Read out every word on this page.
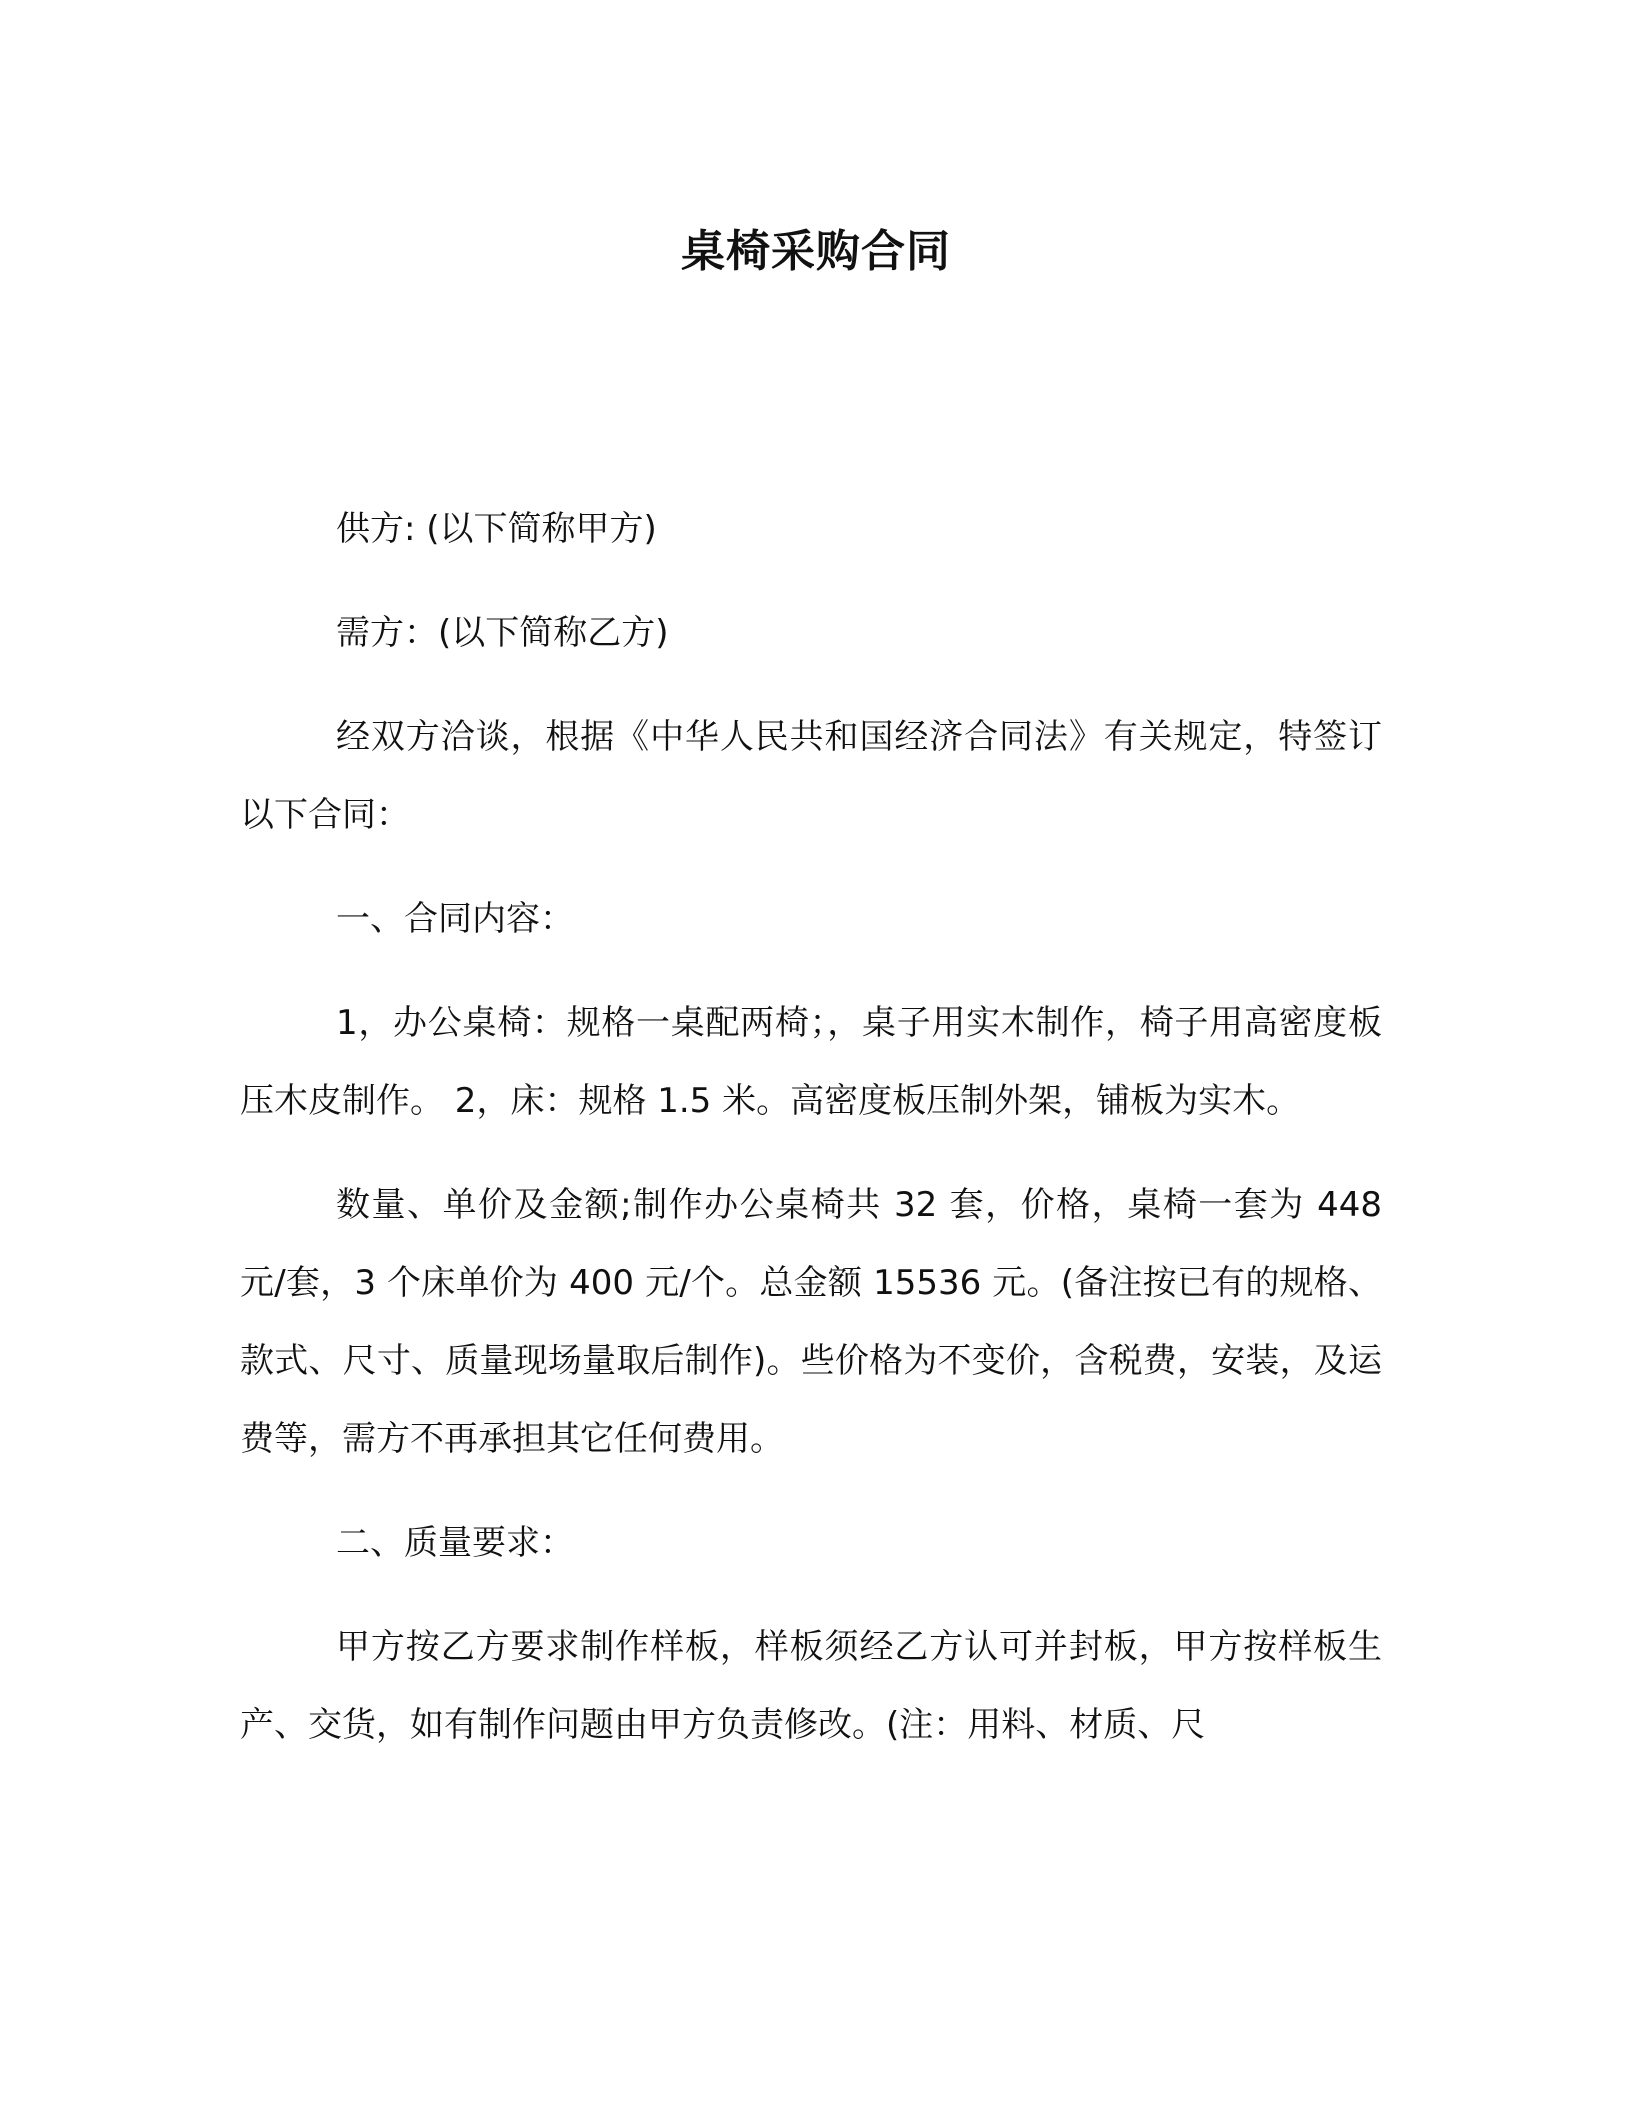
桌椅采购合同

供方: (以下简称甲方)

需方：(以下简称乙方)

经双方洽谈，根据《中华人民共和国经济合同法》有关规定，特签订以下合同：

一、合同内容：

1，办公桌椅：规格一桌配两椅；，桌子用实木制作，椅子用高密度板压木皮制作。 2，床：规格 1.5 米。高密度板压制外架，铺板为实木。

数量、单价及金额;制作办公桌椅共 32 套，价格，桌椅一套为 448 元/套，3 个床单价为 400 元/个。总金额 15536 元。(备注按已有的规格、款式、尺寸、质量现场量取后制作)。些价格为不变价，含税费，安装，及运费等，需方不再承担其它任何费用。

二、质量要求：

甲方按乙方要求制作样板，样板须经乙方认可并封板，甲方按样板生产、交货，如有制作问题由甲方负责修改。(注：用料、材质、尺
